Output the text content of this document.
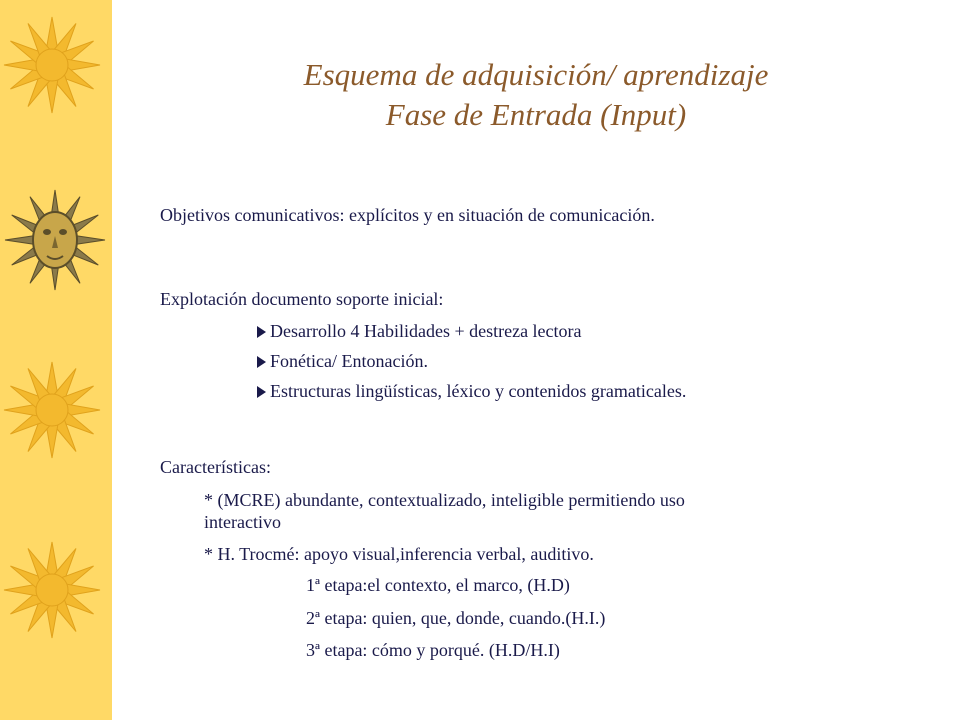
Esquema de adquisición/ aprendizaje
Fase de Entrada (Input)
Objetivos comunicativos: explícitos y en situación de comunicación.
Explotación documento soporte inicial:
Desarrollo 4 Habilidades + destreza lectora
Fonética/ Entonación.
Estructuras lingüísticas, léxico y contenidos gramaticales.
Características:
* (MCRE) abundante, contextualizado, inteligible permitiendo uso
interactivo
* H. Trocmé: apoyo visual,inferencia verbal, auditivo.
1ª etapa:el contexto, el marco, (H.D)
2ª etapa: quien, que, donde, cuando.(H.I.)
3ª etapa: cómo y porqué. (H.D/H.I)
